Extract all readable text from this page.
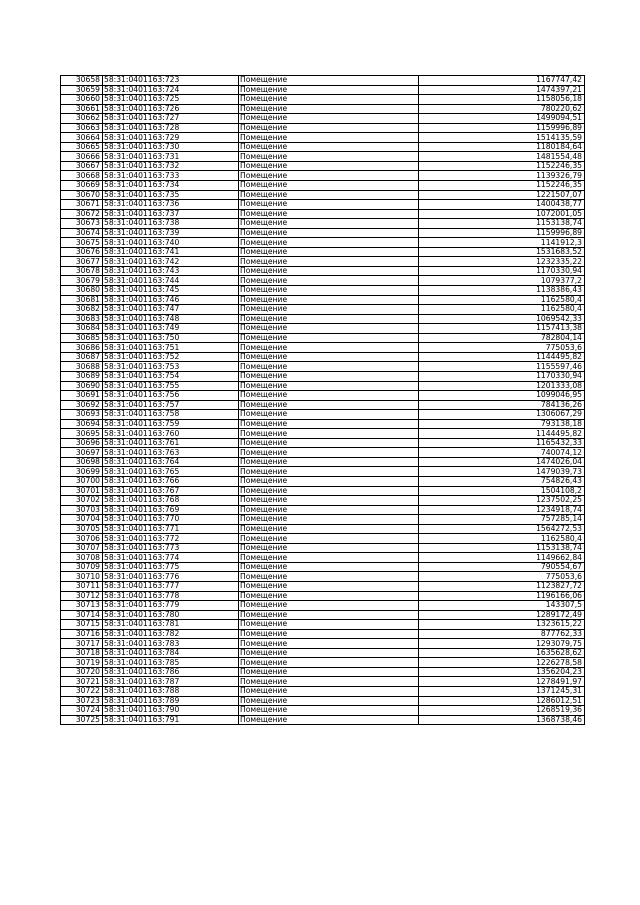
30658	58:31:0401163:723	Помещение	1167747,42
30659	58:31:0401163:724	Помещение	1474397,21
30660	58:31:0401163:725	Помещение	1158056,18
30661	58:31:0401163:726	Помещение	780220,62
30662	58:31:0401163:727	Помещение	1499094,51
30663	58:31:0401163:728	Помещение	1159996,89
30664	58:31:0401163:729	Помещение	1514135,59
30665	58:31:0401163:730	Помещение	1180184,64
30666	58:31:0401163:731	Помещение	1481554,48
30667	58:31:0401163:732	Помещение	1152246,35
30668	58:31:0401163:733	Помещение	1139326,79
30669	58:31:0401163:734	Помещение	1152246,35
30670	58:31:0401163:735	Помещение	1221507,07
30671	58:31:0401163:736	Помещение	1400438,77
30672	58:31:0401163:737	Помещение	1072001,05
30673	58:31:0401163:738	Помещение	1153138,74
30674	58:31:0401163:739	Помещение	1159996,89
30675	58:31:0401163:740	Помещение	1141912,3
30676	58:31:0401163:741	Помещение	1531683,52
30677	58:31:0401163:742	Помещение	1232335,22
30678	58:31:0401163:743	Помещение	1170330,94
30679	58:31:0401163:744	Помещение	1079377,2
30680	58:31:0401163:745	Помещение	1138386,43
30681	58:31:0401163:746	Помещение	1162580,4
30682	58:31:0401163:747	Помещение	1162580,4
30683	58:31:0401163:748	Помещение	1069542,33
30684	58:31:0401163:749	Помещение	1157413,38
30685	58:31:0401163:750	Помещение	782804,14
30686	58:31:0401163:751	Помещение	775053,6
30687	58:31:0401163:752	Помещение	1144495,82
30688	58:31:0401163:753	Помещение	1155597,46
30689	58:31:0401163:754	Помещение	1170330,94
30690	58:31:0401163:755	Помещение	1201333,08
30691	58:31:0401163:756	Помещение	1099046,95
30692	58:31:0401163:757	Помещение	784136,26
30693	58:31:0401163:758	Помещение	1306067,29
30694	58:31:0401163:759	Помещение	793138,18
30695	58:31:0401163:760	Помещение	1144495,82
30696	58:31:0401163:761	Помещение	1165432,33
30697	58:31:0401163:763	Помещение	740074,12
30698	58:31:0401163:764	Помещение	1474026,04
30699	58:31:0401163:765	Помещение	1479039,73
30700	58:31:0401163:766	Помещение	754826,43
30701	58:31:0401163:767	Помещение	1504108,2
30702	58:31:0401163:768	Помещение	1237502,25
30703	58:31:0401163:769	Помещение	1234918,74
30704	58:31:0401163:770	Помещение	757285,14
30705	58:31:0401163:771	Помещение	1564272,53
30706	58:31:0401163:772	Помещение	1162580,4
30707	58:31:0401163:773	Помещение	1153138,74
30708	58:31:0401163:774	Помещение	1149662,84
30709	58:31:0401163:775	Помещение	790554,67
30710	58:31:0401163:776	Помещение	775053,6
30711	58:31:0401163:777	Помещение	1123827,72
30712	58:31:0401163:778	Помещение	1196166,06
30713	58:31:0401163:779	Помещение	143307,5
30714	58:31:0401163:780	Помещение	1289172,49
30715	58:31:0401163:781	Помещение	1323615,22
30716	58:31:0401163:782	Помещение	877762,33
30717	58:31:0401163:783	Помещение	1293079,75
30718	58:31:0401163:784	Помещение	1635628,62
30719	58:31:0401163:785	Помещение	1226278,58
30720	58:31:0401163:786	Помещение	1356204,23
30721	58:31:0401163:787	Помещение	1278491,97
30722	58:31:0401163:788	Помещение	1371245,31
30723	58:31:0401163:789	Помещение	1286012,51
30724	58:31:0401163:790	Помещение	1268519,36
30725	58:31:0401163:791	Помещение	1368738,46
